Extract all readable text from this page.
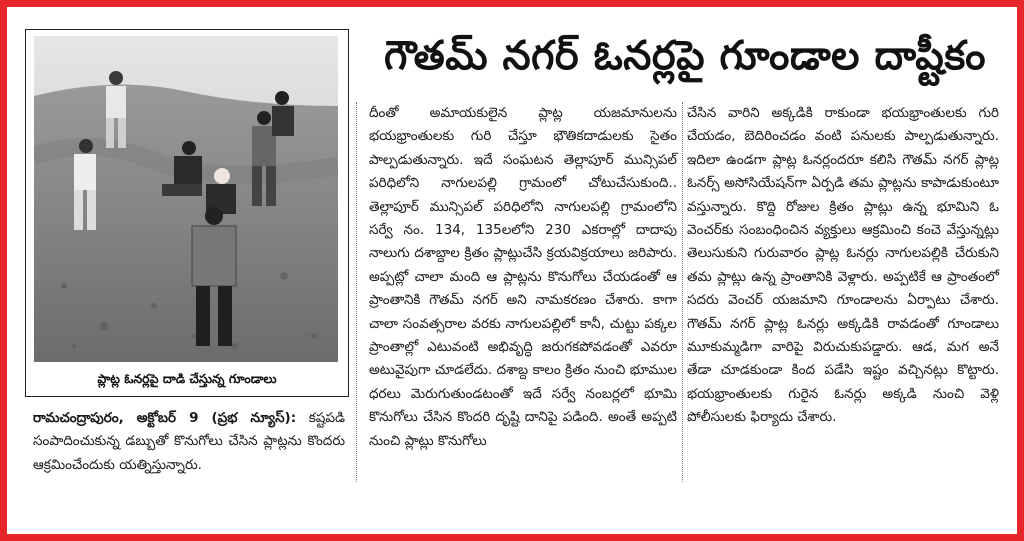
ప్లాట్ల ఓనర్లపై దాడి చేస్తున్న గూండాలు
గౌతమ్ నగర్ ఓనర్లపై గూండాల దాష్టీకం
రామచంద్రాపురం, అక్టోబర్ 9 (ప్రభ న్యూస్): కష్టపడి సంపాదించుకున్న డబ్బుతో కొనుగోలు చేసిన ప్లాట్లను కొందరు ఆక్రమించేందుకు యత్నిస్తున్నారు.
దీంతో అమాయకులైన ప్లాట్ల యజమానులను భయభ్రాంతులకు గురి చేస్తూ భౌతికదాడులకు సైతం పాల్పడుతున్నారు. ఇదే సంఘటన తెల్లాపూర్ మున్సిపల్ పరిధిలోని నాగులపల్లి గ్రామంలో చోటుచేసుకుంది.. తెల్లాపూర్ మున్సిపల్ పరిధిలోని నాగులపల్లి గ్రామంలోని సర్వే నం. 134, 135లలోని 230 ఎకరాల్లో దాదాపు నాలుగు దశాబ్దాల క్రితం ప్లాట్లుచేసి క్రయవిక్రయాలు జరిపారు. అప్పట్లో చాలా మంది ఆ ప్లాట్లను కొనుగోలు చేయడంతో ఆ ప్రాంతానికి గౌతమ్ నగర్ అని నామకరణం చేశారు. కాగా చాలా సంవత్సరాల వరకు నాగులపల్లిలో కానీ, చుట్టు పక్కల ప్రాంతాల్లో ఎటువంటి అభివృద్ధి జరుగకపోవడంతో ఎవరూ అటువైపుగా చూడలేదు. దశాబ్ద కాలం క్రితం నుంచి భూముల ధరలు మెరుగుతుండటంతో ఇదే సర్వే నంబర్లలో భూమి కొనుగోలు చేసిన కొందరి దృష్టి దానిపై పడింది. అంతే అప్పటి నుంచి ప్లాట్లు కొనుగోలు
చేసిన వారిని అక్కడికి రాకుండా భయభ్రాంతులకు గురి చేయడం, బెదిరించడం వంటి పనులకు పాల్పడుతున్నారు. ఇదిలా ఉండగా ప్లాట్ల ఓనర్లందరూ కలిసి గౌతమ్ నగర్ ప్లాట్ల ఓనర్స్ అసోసియేషన్‌గా ఏర్పడి తమ ప్లాట్లను కాపాడుకుంటూ వస్తున్నారు. కొద్ది రోజుల క్రితం ప్లాట్లు ఉన్న భూమిని ఓ వెంచర్‌కు సంబంధించిన వ్యక్తులు ఆక్రమించి కంచె వేస్తున్నట్లు తెలుసుకుని గురువారం ప్లాట్ల ఓనర్లు నాగులపల్లికి చేరుకుని తమ ప్లాట్లు ఉన్న ప్రాంతానికి వెళ్లారు. అప్పటికే ఆ ప్రాంతంలో సదరు వెంచర్ యజమాని గూండాలను ఏర్పాటు చేశారు. గౌతమ్ నగర్ ప్లాట్ల ఓనర్లు అక్కడికి రావడంతో గూండాలు మూకుమ్మడిగా వారిపై విరుచుకుపడ్డారు. ఆడ, మగ అనే తేడా చూడకుండా కింద పడేసి ఇష్టం వచ్చినట్లు కొట్టారు. భయభ్రాంతులకు గురైన ఓనర్లు అక్కడి నుంచి వెళ్లి పోలీసులకు ఫిర్యాదు చేశారు.
